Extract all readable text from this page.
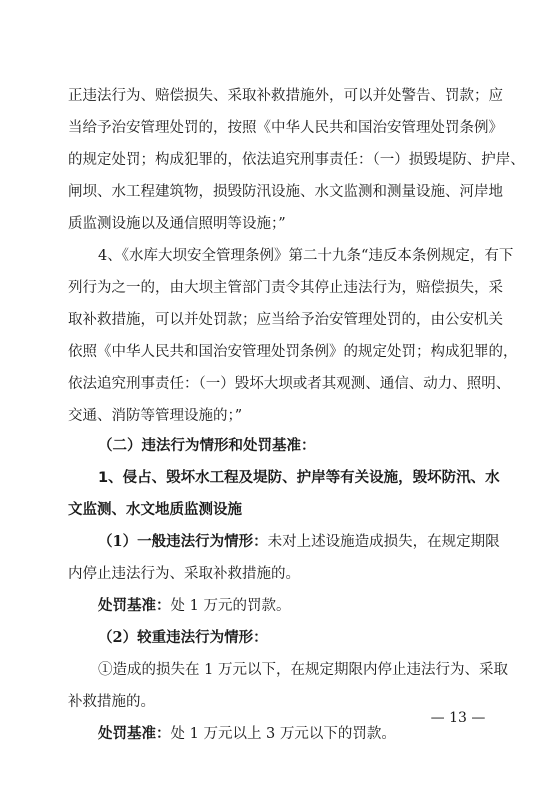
正违法行为、赔偿损失、采取补救措施外，可以并处警告、罚款；应

当给予治安管理处罚的，按照《中华人民共和国治安管理处罚条例》

的规定处罚；构成犯罪的，依法追究刑事责任：（一）损毁堤防、护岸、

闸坝、水工程建筑物，损毁防汛设施、水文监测和测量设施、河岸地

质监测设施以及通信照明等设施；”

4、《水库大坝安全管理条例》第二十九条“违反本条例规定，有下

列行为之一的，由大坝主管部门责令其停止违法行为，赔偿损失，采

取补救措施，可以并处罚款；应当给予治安管理处罚的，由公安机关

依照《中华人民共和国治安管理处罚条例》的规定处罚；构成犯罪的，

依法追究刑事责任：（一）毁坏大坝或者其观测、通信、动力、照明、

交通、消防等管理设施的；”

（二）违法行为情形和处罚基准：

1、侵占、毁坏水工程及堤防、护岸等有关设施，毁坏防汛、水

文监测、水文地质监测设施

（1）一般违法行为情形：未对上述设施造成损失，在规定期限

内停止违法行为、采取补救措施的。

处罚基准：处 1 万元的罚款。

（2）较重违法行为情形：

①造成的损失在 1 万元以下，在规定期限内停止违法行为、采取

补救措施的。

处罚基准：处 1 万元以上 3 万元以下的罚款。

— 13 —
